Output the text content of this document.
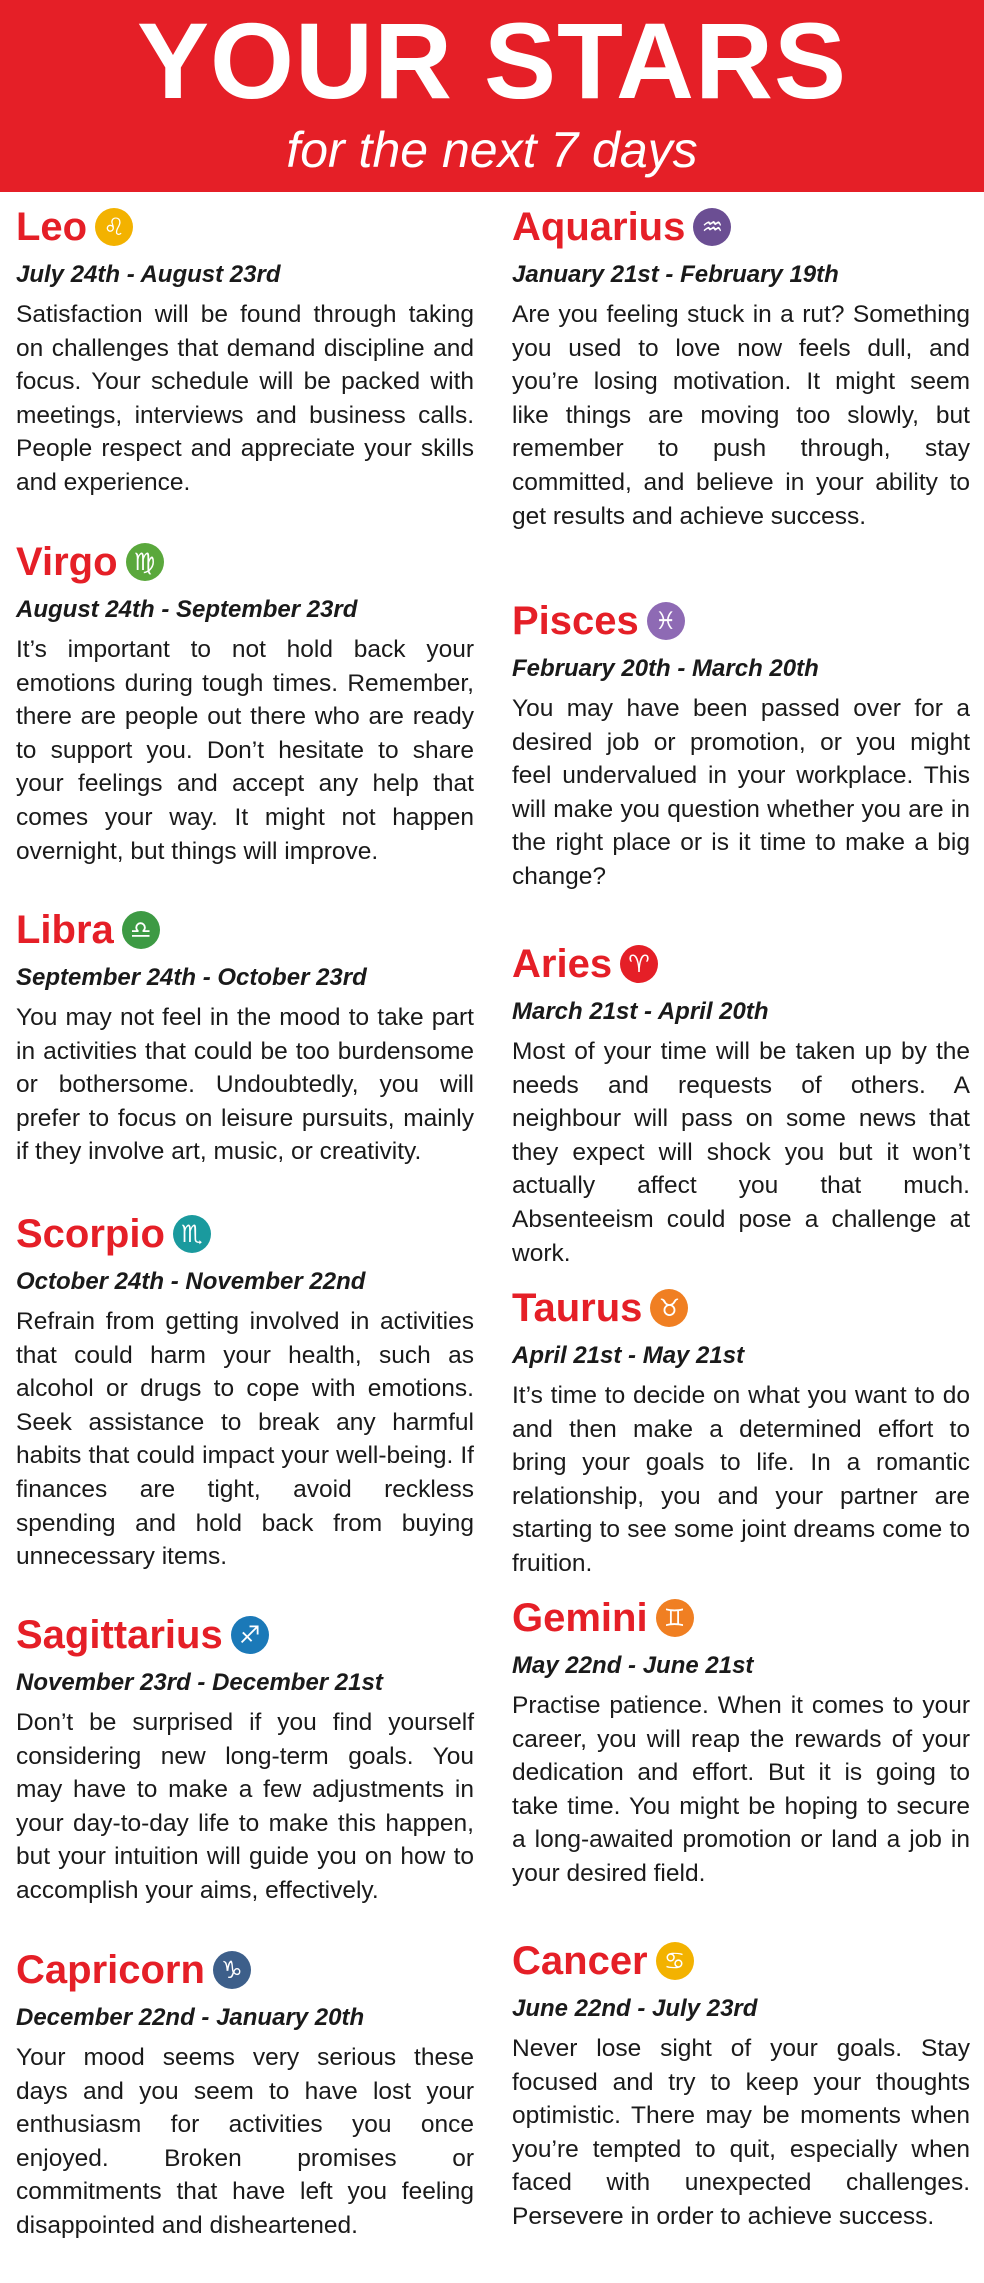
YOUR STARS
for the next 7 days
Leo ♌
July 24th - August 23rd
Satisfaction will be found through taking on challenges that demand discipline and focus. Your schedule will be packed with meetings, interviews and business calls. People respect and appreciate your skills and experience.
Virgo ♍
August 24th - September 23rd
It’s important to not hold back your emotions during tough times. Remember, there are people out there who are ready to support you. Don’t hesitate to share your feelings and accept any help that comes your way. It might not happen overnight, but things will improve.
Libra ♎
September 24th - October 23rd
You may not feel in the mood to take part in activities that could be too burdensome or bothersome. Undoubtedly, you will prefer to focus on leisure pursuits, mainly if they involve art, music, or creativity.
Scorpio ♏
October 24th - November 22nd
Refrain from getting involved in activities that could harm your health, such as alcohol or drugs to cope with emotions. Seek assistance to break any harmful habits that could impact your well-being. If finances are tight, avoid reckless spending and hold back from buying unnecessary items.
Sagittarius ♐
November 23rd - December 21st
Don’t be surprised if you find yourself considering new long-term goals. You may have to make a few adjustments in your day-to-day life to make this happen, but your intuition will guide you on how to accomplish your aims, effectively.
Capricorn ♑
December 22nd - January 20th
Your mood seems very serious these days and you seem to have lost your enthusiasm for activities you once enjoyed. Broken promises or commitments that have left you feeling disappointed and disheartened.
Aquarius ♒
January 21st - February 19th
Are you feeling stuck in a rut? Something you used to love now feels dull, and you’re losing motivation. It might seem like things are moving too slowly, but remember to push through, stay committed, and believe in your ability to get results and achieve success.
Pisces ♓
February 20th - March 20th
You may have been passed over for a desired job or promotion, or you might feel undervalued in your workplace. This will make you question whether you are in the right place or is it time to make a big change?
Aries ♈
March 21st - April 20th
Most of your time will be taken up by the needs and requests of others. A neighbour will pass on some news that they expect will shock you but it won’t actually affect you that much. Absenteeism could pose a challenge at work.
Taurus ♉
April 21st - May 21st
It’s time to decide on what you want to do and then make a determined effort to bring your goals to life. In a romantic relationship, you and your partner are starting to see some joint dreams come to fruition.
Gemini ♊
May 22nd - June 21st
Practise patience. When it comes to your career, you will reap the rewards of your dedication and effort. But it is going to take time. You might be hoping to secure a long-awaited promotion or land a job in your desired field.
Cancer ♋
June 22nd - July 23rd
Never lose sight of your goals. Stay focused and try to keep your thoughts optimistic. There may be moments when you’re tempted to quit, especially when faced with unexpected challenges. Persevere in order to achieve success.
